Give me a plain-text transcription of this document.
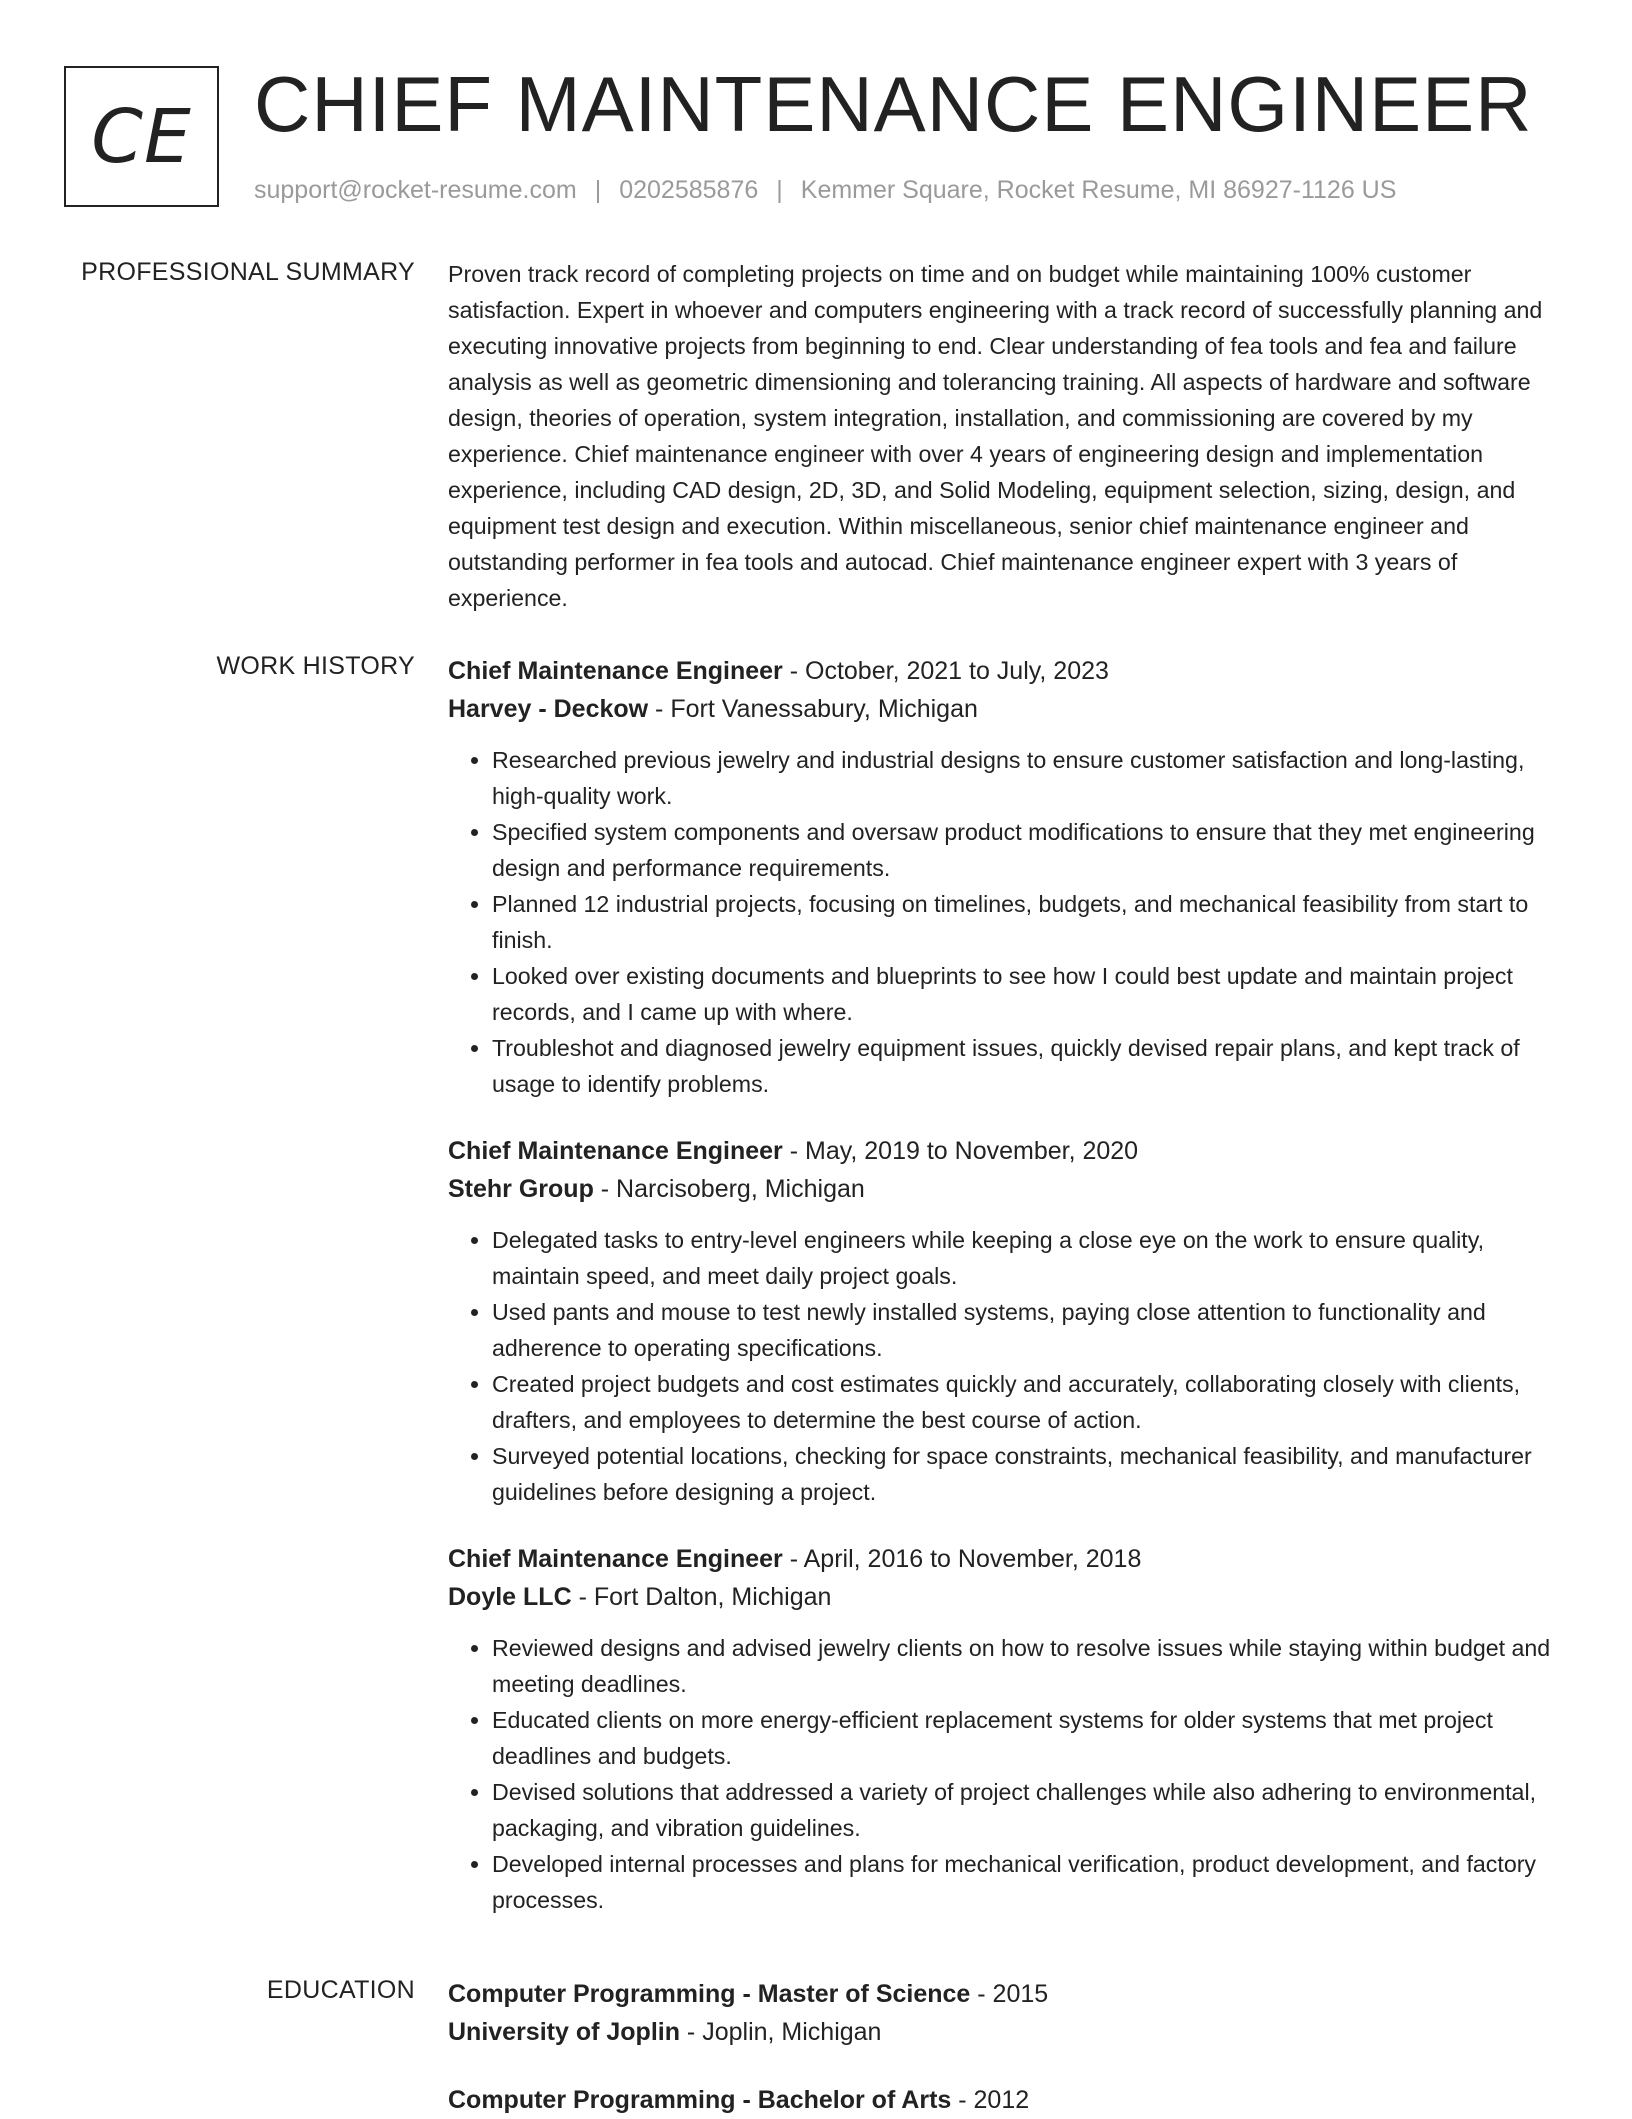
CE CHIEF MAINTENANCE ENGINEER
support@rocket-resume.com | 0202585876 | Kemmer Square, Rocket Resume, MI 86927-1126 US
PROFESSIONAL SUMMARY Proven track record of completing projects on time and on budget while maintaining 100% customer satisfaction. Expert in whoever and computers engineering with a track record of successfully planning and executing innovative projects from beginning to end. Clear understanding of fea tools and fea and failure analysis as well as geometric dimensioning and tolerancing training. All aspects of hardware and software design, theories of operation, system integration, installation, and commissioning are covered by my experience. Chief maintenance engineer with over 4 years of engineering design and implementation experience, including CAD design, 2D, 3D, and Solid Modeling, equipment selection, sizing, design, and equipment test design and execution. Within miscellaneous, senior chief maintenance engineer and outstanding performer in fea tools and autocad. Chief maintenance engineer expert with 3 years of experience.

WORK HISTORY Chief Maintenance Engineer - October, 2021 to July, 2023

Harvey - Deckow - Fort Vanessabury, Michigan

• Researched previous jewelry and industrial designs to ensure customer satisfaction and long-lasting, high-quality work.
• Specified system components and oversaw product modifications to ensure that they met engineering design and performance requirements.
• Planned 12 industrial projects, focusing on timelines, budgets, and mechanical feasibility from start to finish.
• Looked over existing documents and blueprints to see how I could best update and maintain project records, and I came up with where.
• Troubleshot and diagnosed jewelry equipment issues, quickly devised repair plans, and kept track of usage to identify problems.

Chief Maintenance Engineer - May, 2019 to November, 2020

Stehr Group - Narcisoberg, Michigan

• Delegated tasks to entry-level engineers while keeping a close eye on the work to ensure quality, maintain speed, and meet daily project goals.
• Used pants and mouse to test newly installed systems, paying close attention to functionality and adherence to operating specifications.
• Created project budgets and cost estimates quickly and accurately, collaborating closely with clients, drafters, and employees to determine the best course of action.
• Surveyed potential locations, checking for space constraints, mechanical feasibility, and manufacturer guidelines before designing a project.

Chief Maintenance Engineer - April, 2016 to November, 2018

Doyle LLC - Fort Dalton, Michigan

• Reviewed designs and advised jewelry clients on how to resolve issues while staying within budget and meeting deadlines.
• Educated clients on more energy-efficient replacement systems for older systems that met project deadlines and budgets.
• Devised solutions that addressed a variety of project challenges while also adhering to environmental, packaging, and vibration guidelines.
• Developed internal processes and plans for mechanical verification, product development, and factory processes.
EDUCATION Computer Programming - Master of Science - 2015

University of Joplin - Joplin, Michigan

Computer Programming - Bachelor of Arts - 2012
